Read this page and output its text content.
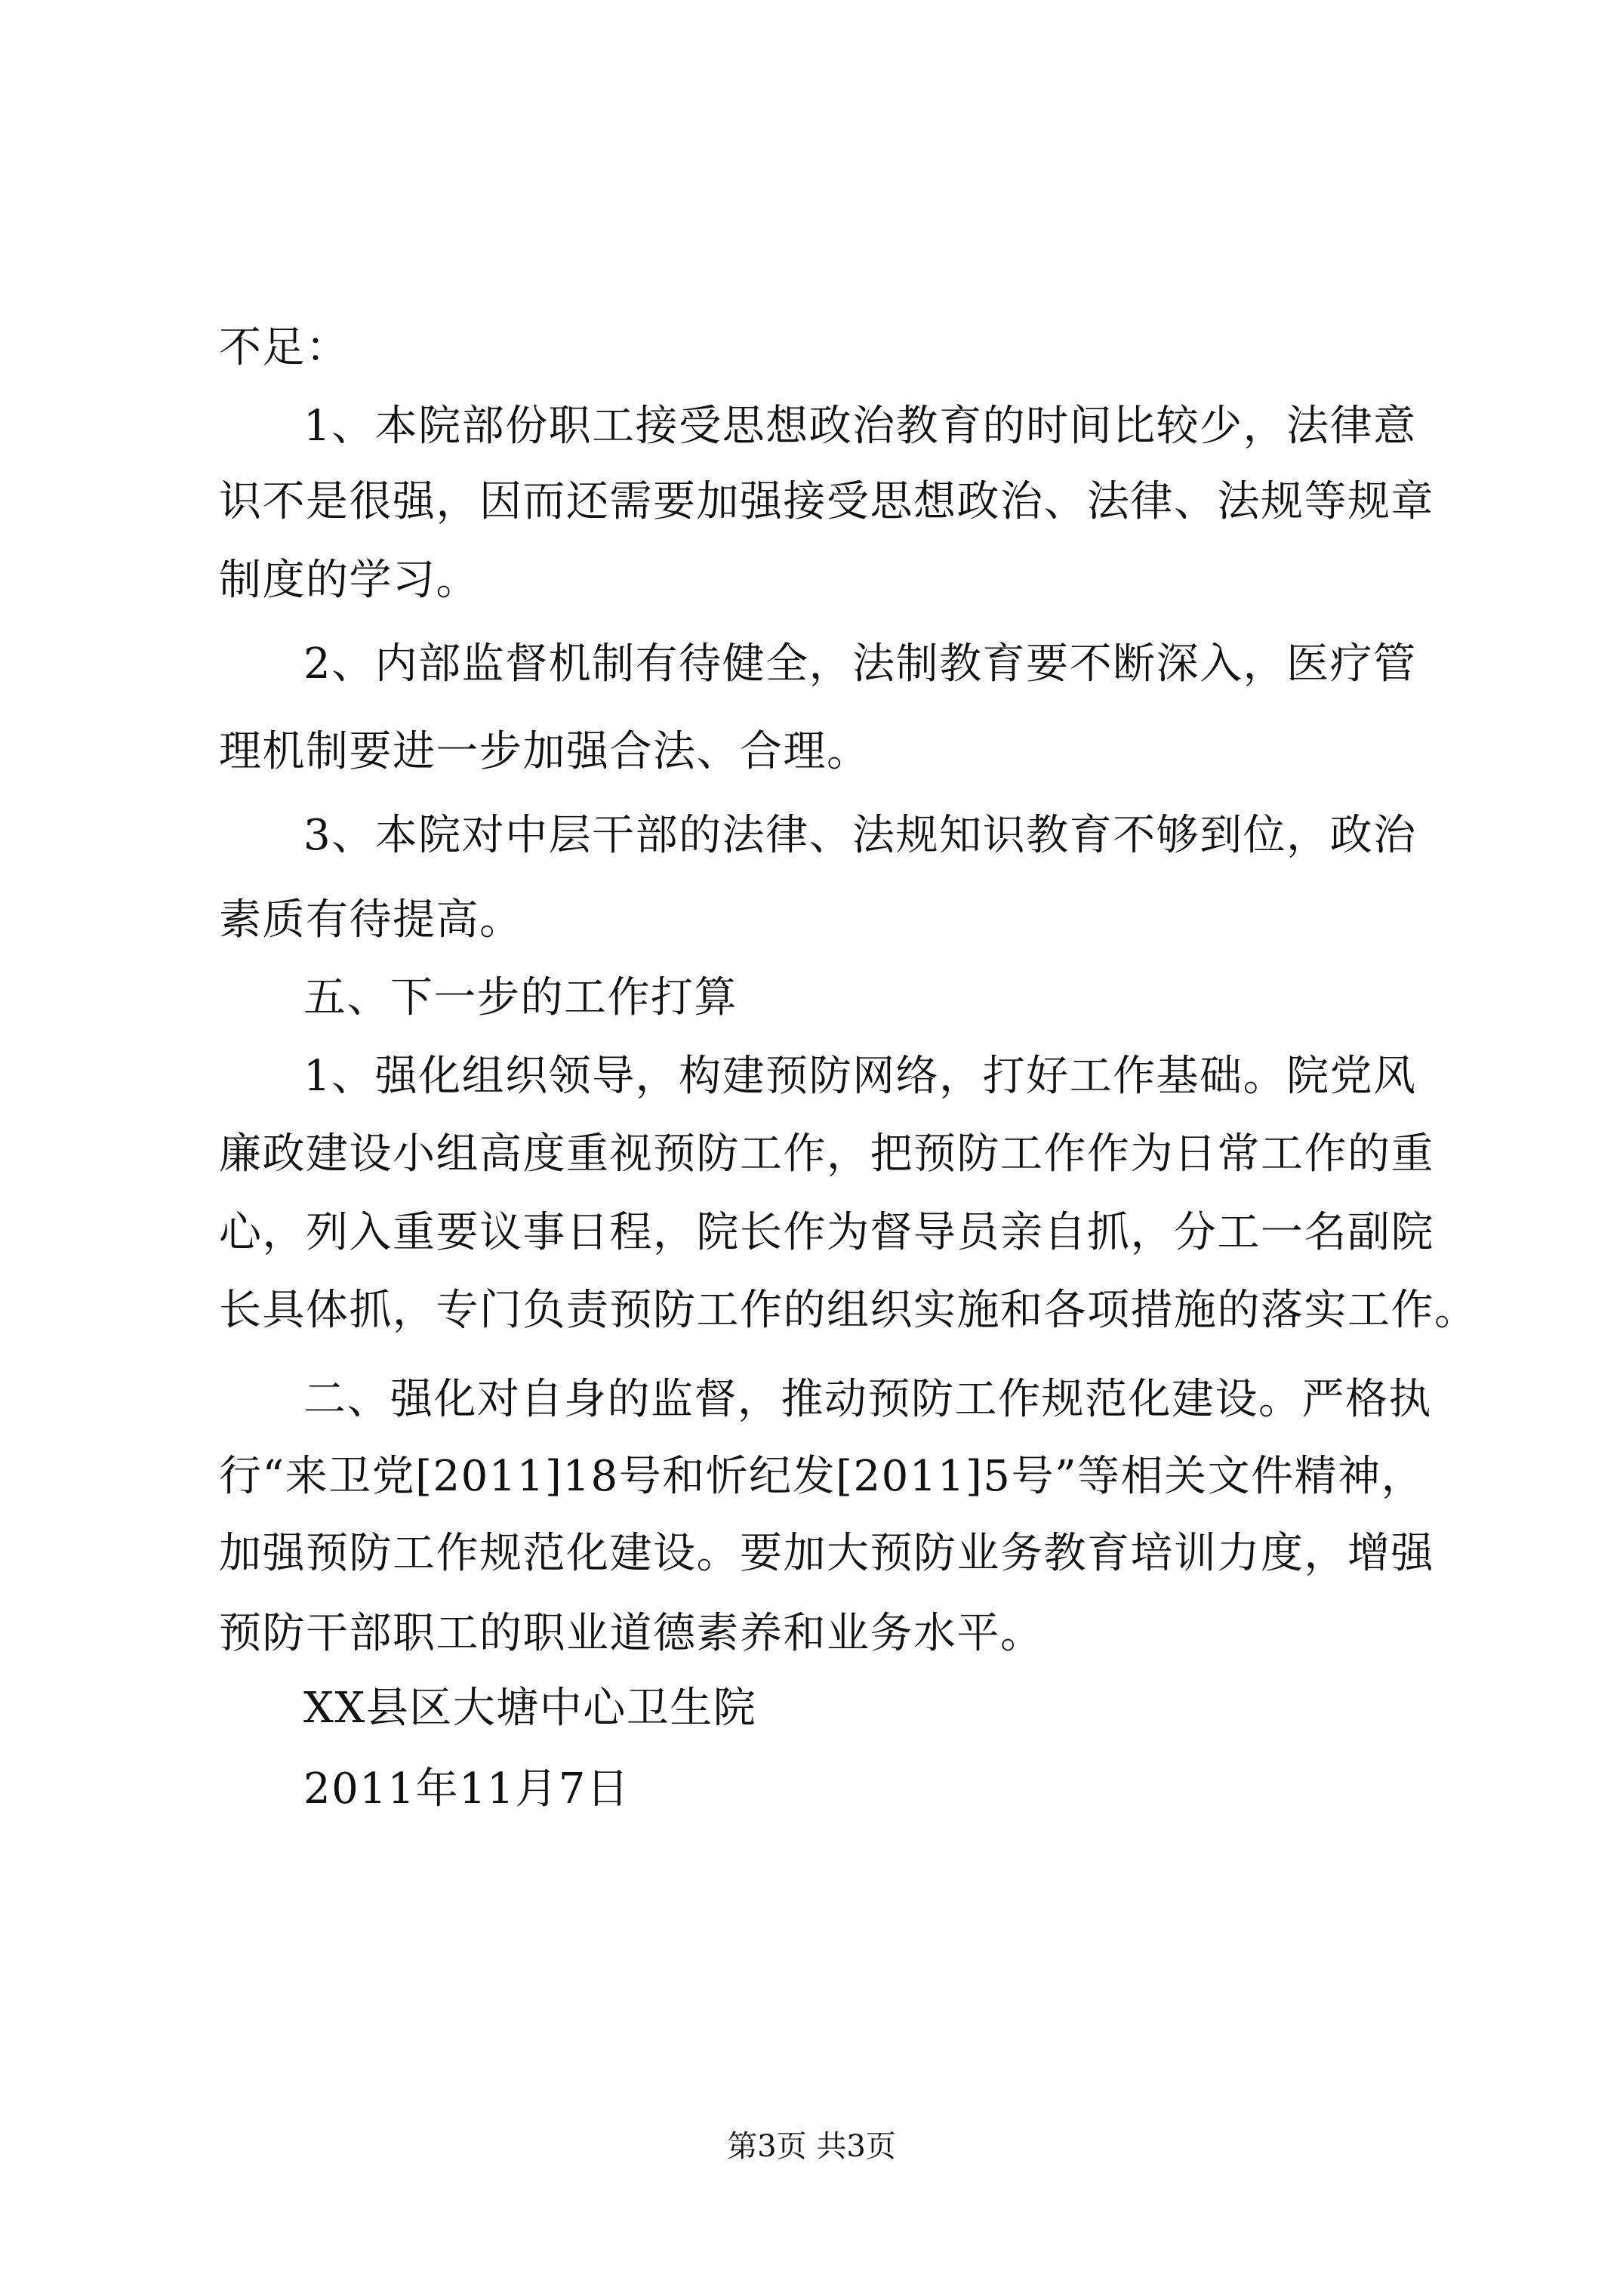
不足：
1、本院部份职工接受思想政治教育的时间比较少，法律意
识不是很强，因而还需要加强接受思想政治、法律、法规等规章
制度的学习。
2、内部监督机制有待健全，法制教育要不断深入，医疗管
理机制要进一步加强合法、合理。
3、本院对中层干部的法律、法规知识教育不够到位，政治
素质有待提高。
五、下一步的工作打算
1、强化组织领导，构建预防网络，打好工作基础。院党风
廉政建设小组高度重视预防工作，把预防工作作为日常工作的重
心，列入重要议事日程，院长作为督导员亲自抓，分工一名副院
长具体抓，专门负责预防工作的组织实施和各项措施的落实工作。
二、强化对自身的监督，推动预防工作规范化建设。严格执
行“来卫党[2011]18号和忻纪发[2011]5号”等相关文件精神，
加强预防工作规范化建设。要加大预防业务教育培训力度，增强
预防干部职工的职业道德素养和业务水平。
XX县区大塘中心卫生院
2011年11月7日
第3页 共3页
